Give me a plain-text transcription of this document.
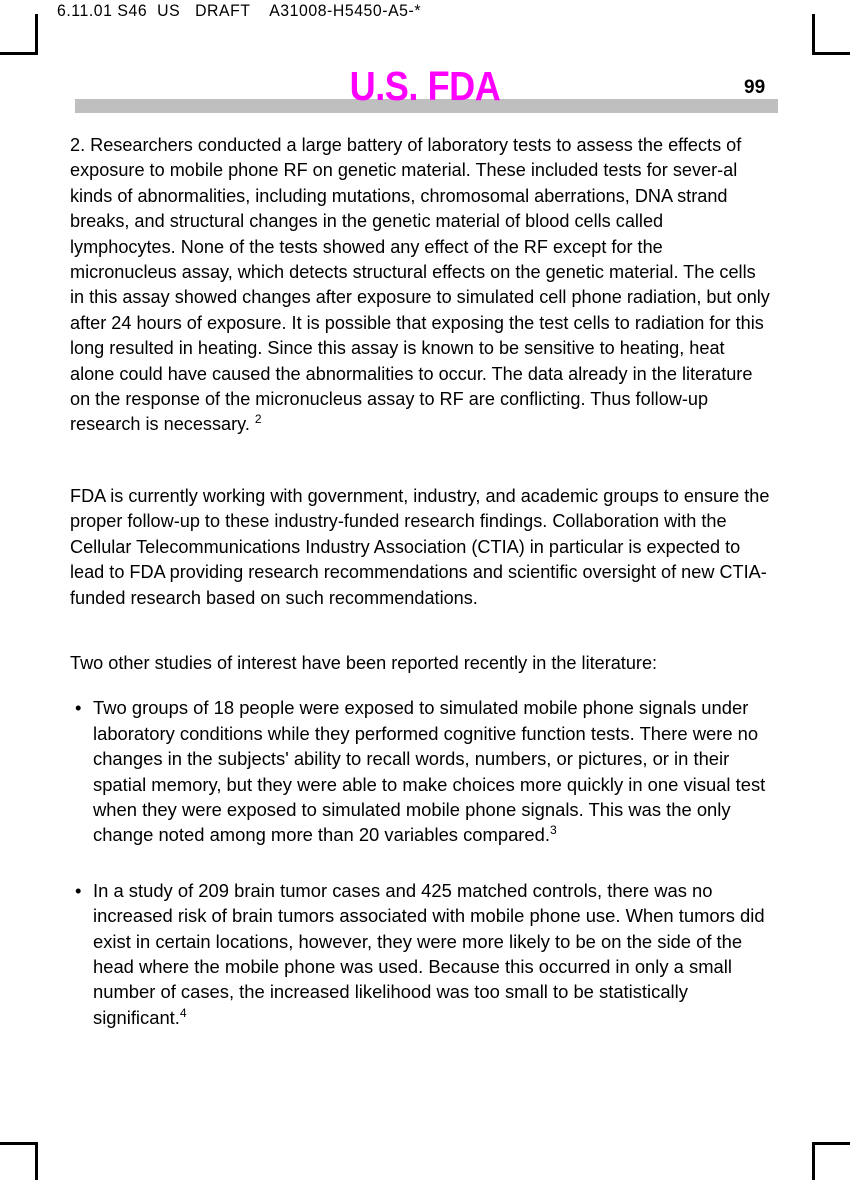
6.11.01 S46  US   DRAFT    A31008-H5450-A5-*
U.S. FDA	99

2. Researchers conducted a large battery of laboratory tests to assess the effects of exposure to mobile phone RF on genetic material. These included tests for sever-al kinds of abnormalities, including mutations, chromosomal aberrations, DNA strand breaks, and structural changes in the genetic material of blood cells called lymphocytes. None of the tests showed any effect of the RF except for the micronucleus assay, which detects structural effects on the genetic material. The cells in this assay showed changes after exposure to simulated cell phone radiation, but only after 24 hours of exposure. It is possible that exposing the test cells to radiation for this long resulted in heating. Since this assay is known to be sensitive to heating, heat alone could have caused the abnormalities to occur. The data already in the literature on the response of the micronucleus assay to RF are conflicting. Thus follow-up research is necessary. $^2$

FDA is currently working with government, industry, and academic groups to ensure the proper follow-up to these industry-funded research findings. Collaboration with the Cellular Telecommunications Industry Association (CTIA) in particular is expected to lead to FDA providing research recommendations and scientific oversight of new CTIA-funded research based on such recommendations.

Two other studies of interest have been reported recently in the literature:

• Two groups of 18 people were exposed to simulated mobile phone signals under laboratory conditions while they performed cognitive function tests. There were no changes in the subjects' ability to recall words, numbers, or pictures, or in their spatial memory, but they were able to make choices more quickly in one visual test when they were exposed to simulated mobile phone signals. This was the only change noted among more than 20 variables compared.$^3$
• In a study of 209 brain tumor cases and 425 matched controls, there was no increased risk of brain tumors associated with mobile phone use. When tumors did exist in certain locations, however, they were more likely to be on the side of the head where the mobile phone was used. Because this occurred in only a small number of cases, the increased likelihood was too small to be statistically significant.$^4$
